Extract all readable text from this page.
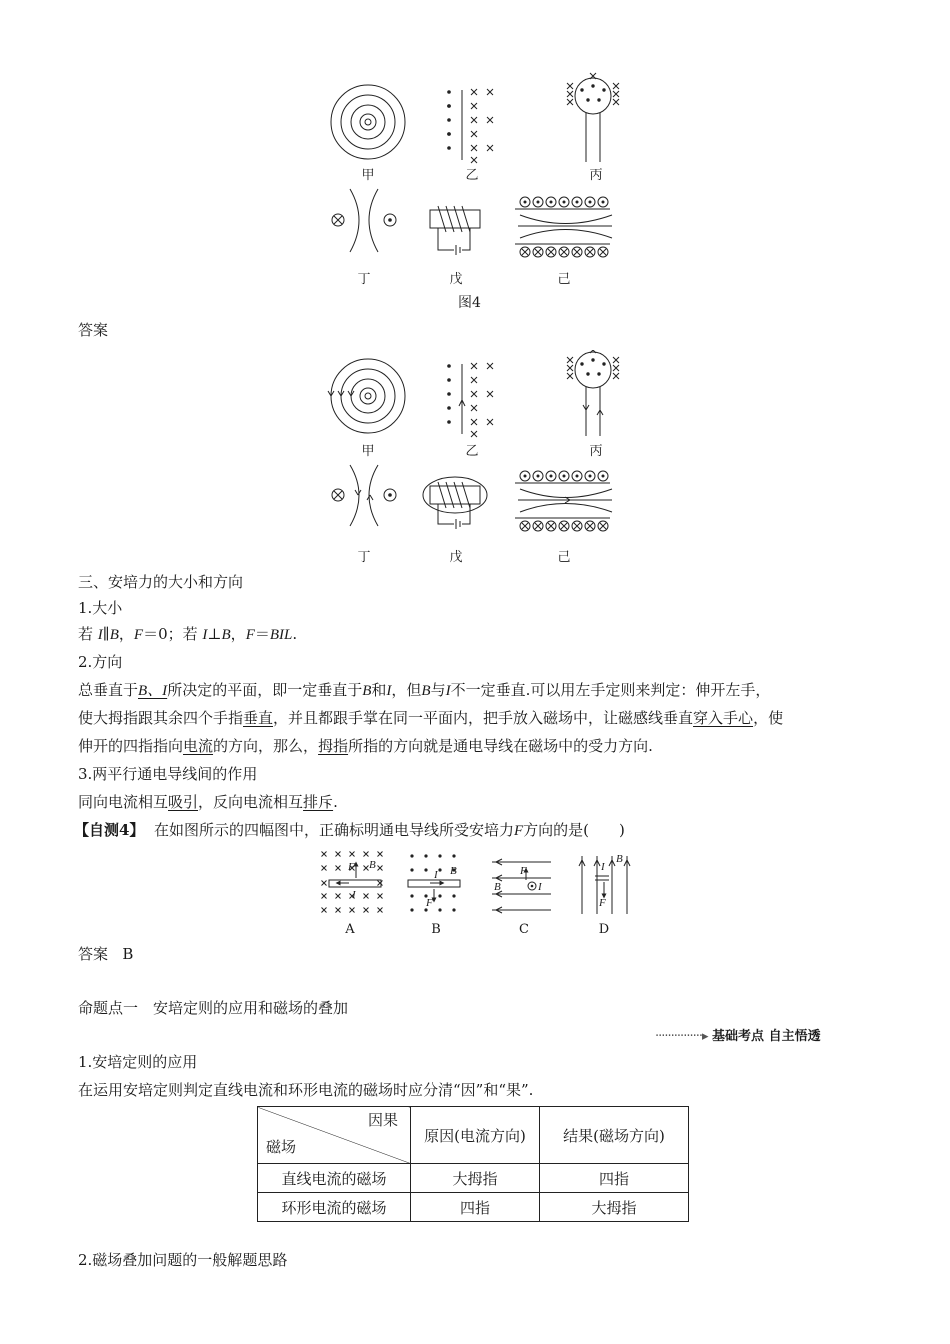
甲	乙	丙
丁	戊	己
图4
答案
甲	乙	丙
丁	戊	己
三、安培力的大小和方向
1.大小
若 I∥B，F＝0；若 I⊥B，F＝BIL.
2.方向
总垂直于B、I所决定的平面，即一定垂直于B和I，但B与I不一定垂直.可以用左手定则来判定：伸开左手，
使大拇指跟其余四个手指垂直，并且都跟手掌在同一平面内，把手放入磁场中，让磁感线垂直穿入手心，使
伸开的四指指向电流的方向，那么，拇指所指的方向就是通电导线在磁场中的受力方向.
3.两平行通电导线间的作用
同向电流相互吸引，反向电流相互排斥.
【自测4】 在如图所示的四幅图中，正确标明通电导线所受安培力F方向的是(　　)
F B
I
B
I
F
F
B	I
B
I
F
A	B	C	D
答案 B
命题点一　安培定则的应用和磁场的叠加
···············▸ 基础考点 自主悟透
1.安培定则的应用
在运用安培定则判定直线电流和环形电流的磁场时应分清“因”和“果”.
因果
磁场	原因(电流方向)	结果(磁场方向)
直线电流的磁场	大拇指	四指
环形电流的磁场	四指	大拇指
2.磁场叠加问题的一般解题思路
